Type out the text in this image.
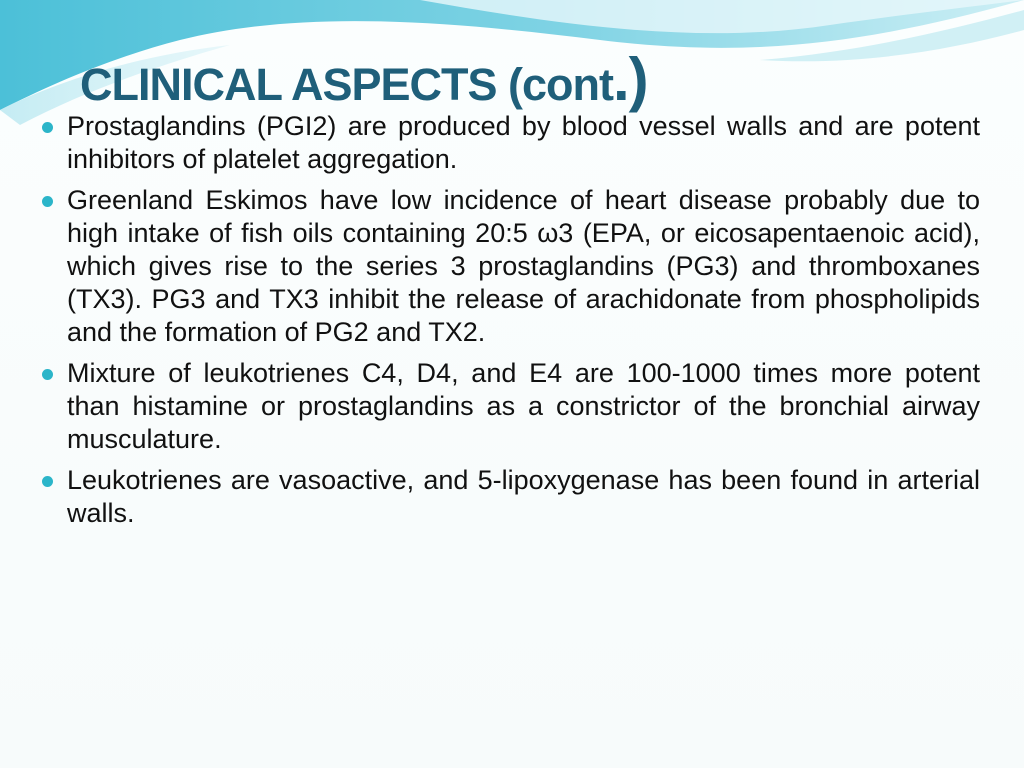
CLINICAL ASPECTS (cont.)
Prostaglandins (PGI2) are produced by blood vessel walls and are potent inhibitors of platelet aggregation.
Greenland Eskimos have low incidence of heart disease probably due to high intake of fish oils containing 20:5 ω3 (EPA, or eicosapentaenoic acid), which gives rise to the series 3 prostaglandins (PG3) and thromboxanes (TX3). PG3 and TX3 inhibit the release of arachidonate from phospholipids and the formation of PG2 and TX2.
Mixture of leukotrienes C4, D4, and E4 are 100-1000 times more potent than histamine or prostaglandins as a constrictor of the bronchial airway musculature.
Leukotrienes are vasoactive, and 5-lipoxygenase has been found in arterial walls.
